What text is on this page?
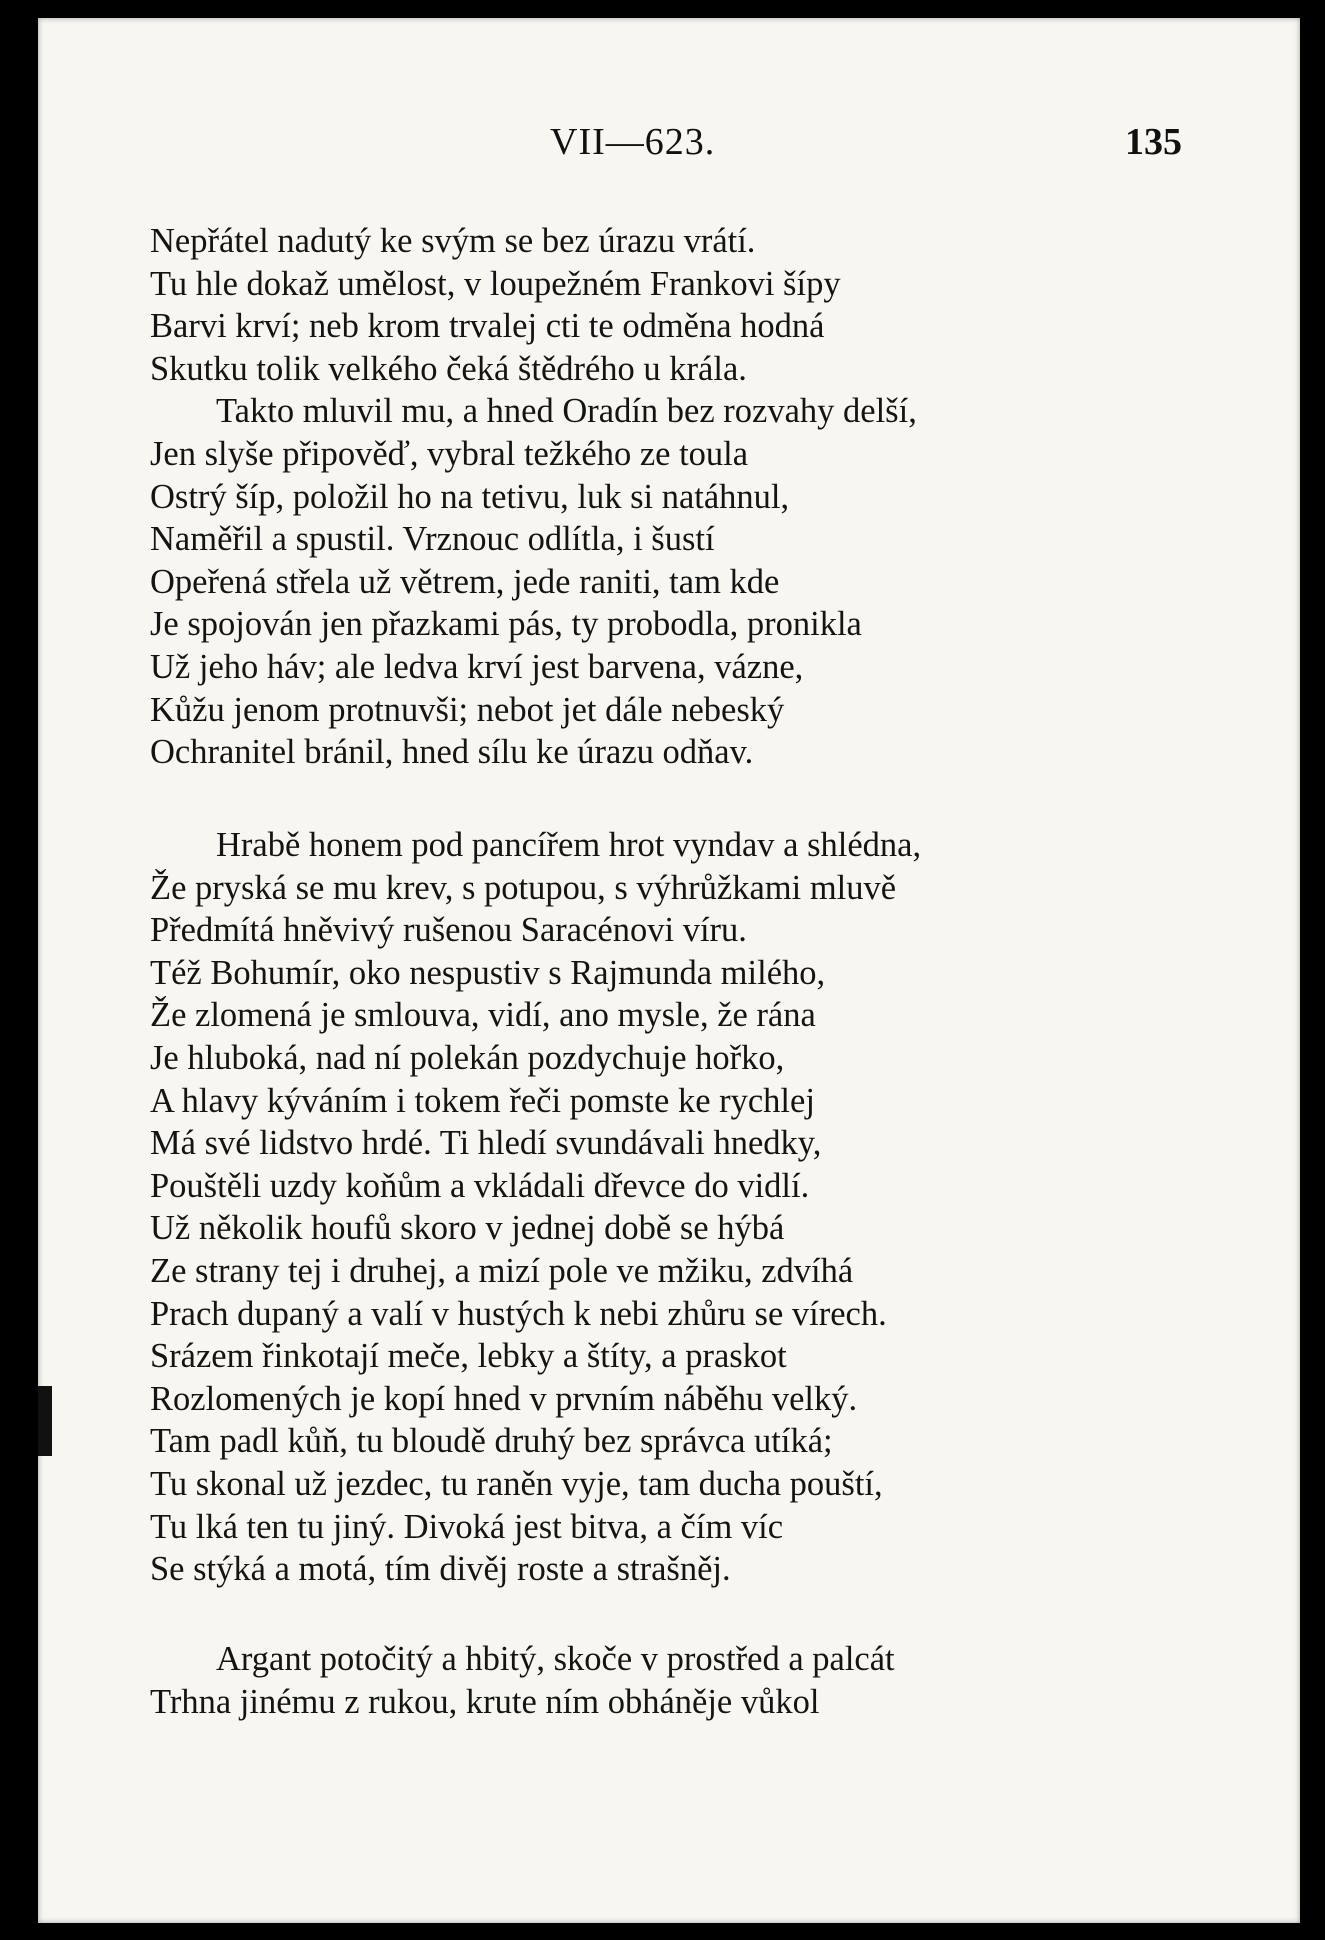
VII—623.	135
Nepřátel nadutý ke svým se bez úrazu vrátí.
Tu hle dokaž umělost, v loupežném Frankovi šípy
Barvi krví; neb krom trvalej cti te odměna hodná
Skutku tolik velkého čeká štědrého u krála.
Takto mluvil mu, a hned Oradín bez rozvahy delší,
Jen slyše připověď, vybral težkého ze toula
Ostrý šíp, položil ho na tetivu, luk si natáhnul,
Naměřil a spustil. Vrznouc odlítla, i šustí
Opeřená střela už větrem, jede raniti, tam kde
Je spojován jen přazkami pás, ty probodla, pronikla
Už jeho háv; ale ledva krví jest barvena, vázne,
Kůžu jenom protnuvši; nebot jet dále nebeský
Ochranitel bránil, hned sílu ke úrazu odňav.
Hrabě honem pod pancířem hrot vyndav a shlédna,
Že pryská se mu krev, s potupou, s výhrůžkami mluvě
Předmítá hněvivý rušenou Saracénovi víru.
Též Bohumír, oko nespustiv s Rajmunda milého,
Že zlomená je smlouva, vidí, ano mysle, že rána
Je hluboká, nad ní polekán pozdychuje hořko,
A hlavy kýváním i tokem řeči pomste ke rychlej
Má své lidstvo hrdé. Ti hledí svundávali hnedky,
Pouštěli uzdy koňům a vkládali dřevce do vidlí.
Už několik houfů skoro v jednej době se hýbá
Ze strany tej i druhej, a mizí pole ve mžiku, zdvíhá
Prach dupaný a valí v hustých k nebi zhůru se vírech.
Srázem řinkotají meče, lebky a štíty, a praskot
Rozlomených je kopí hned v prvním náběhu velký.
Tam padl kůň, tu bloudě druhý bez správca utíká;
Tu skonal už jezdec, tu raněn vyje, tam ducha pouští,
Tu lká ten tu jiný. Divoká jest bitva, a čím víc
Se stýká a motá, tím divěj roste a strašněj.
Argant potočitý a hbitý, skoče v prostřed a palcát
Trhna jinému z rukou, krute ním obháněje vůkol
